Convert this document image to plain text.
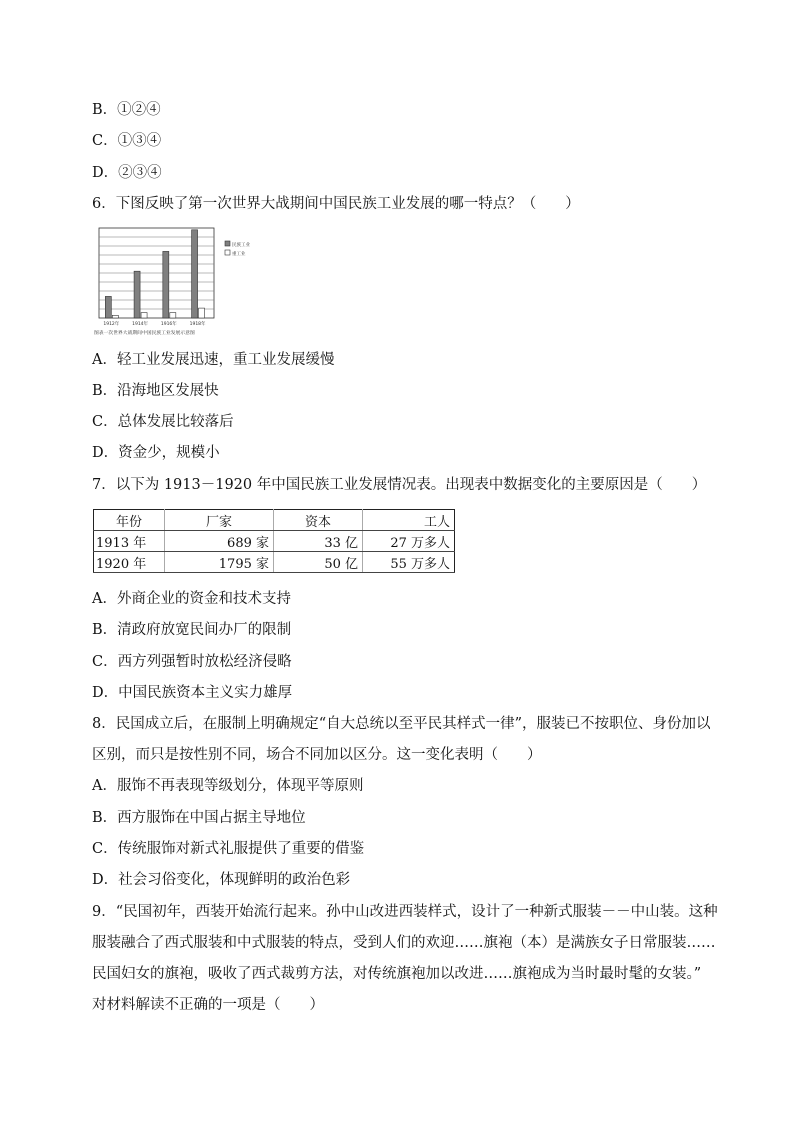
B．①②④
C．①③④
D．②③④
6．下图反映了第一次世界大战期间中国民族工业发展的哪一特点？（　　）
1912年	1914年	1916年	1918年
民族工业
重工业
图表一次世界大战期间中国民族工业发展示意图
A．轻工业发展迅速，重工业发展缓慢
B．沿海地区发展快
C．总体发展比较落后
D．资金少，规模小
7．以下为 1913－1920 年中国民族工业发展情况表。出现表中数据变化的主要原因是（　　）
年份	厂家	资本	工人
1913 年	689 家	33 亿	27 万多人
1920 年	1795 家	50 亿	55 万多人
A．外商企业的资金和技术支持
B．清政府放宽民间办厂的限制
C．西方列强暂时放松经济侵略
D．中国民族资本主义实力雄厚
8．民国成立后，在服制上明确规定“自大总统以至平民其样式一律”，服装已不按职位、身份加以
区别，而只是按性别不同，场合不同加以区分。这一变化表明（　　）
A．服饰不再表现等级划分，体现平等原则
B．西方服饰在中国占据主导地位
C．传统服饰对新式礼服提供了重要的借鉴
D．社会习俗变化，体现鲜明的政治色彩
9．“民国初年，西装开始流行起来。孙中山改进西装样式，设计了一种新式服装－－中山装。这种
服装融合了西式服装和中式服装的特点，受到人们的欢迎……旗袍（本）是满族女子日常服装……
民国妇女的旗袍，吸收了西式裁剪方法，对传统旗袍加以改进……旗袍成为当时最时髦的女装。”
对材料解读不正确的一项是（　　）
